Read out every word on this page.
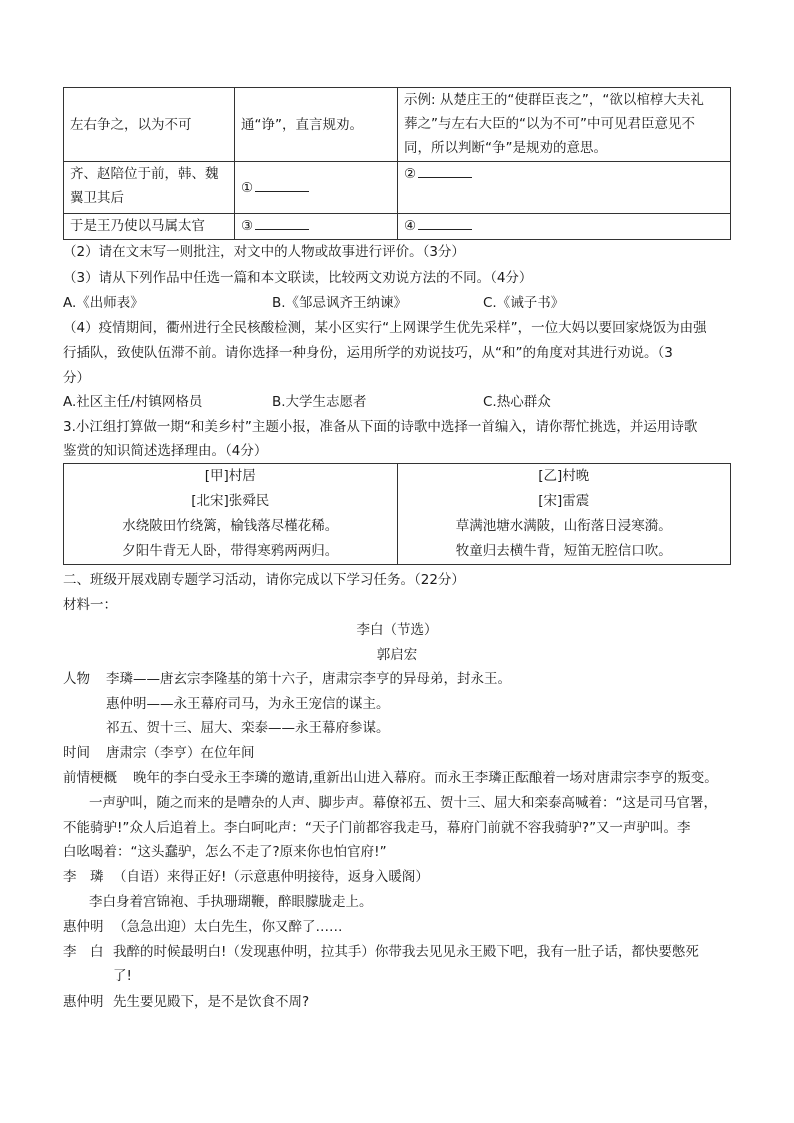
左右争之，以为不可	通“诤”，直言规劝。	示例: 从楚庄王的“使群臣丧之”，“欲以棺椁大夫礼
葬之”与左右大臣的“以为不可”中可见君臣意见不
同，所以判断“争”是规劝的意思。

齐、赵陪位于前，韩、魏
翼卫其后	①	②
于是王乃使以马属太官	③	④
（2）请在文末写一则批注，对文中的人物或故事进行评价。（3分）
（3）请从下列作品中任选一篇和本文联读，比较两文劝说方法的不同。（4分）
A.《出师表》	B.《邹忌讽齐王纳谏》	C.《诫子书》
（4）疫情期间，衢州进行全民核酸检测，某小区实行“上网课学生优先采样”，一位大妈以要回家烧饭为由强
行插队，致使队伍滞不前。请你选择一种身份，运用所学的劝说技巧，从“和”的角度对其进行劝说。（3
分）
A.社区主任/村镇网格员	B.大学生志愿者	C.热心群众
3.小江组打算做一期“和美乡村”主题小报，准备从下面的诗歌中选择一首编入，请你帮忙挑选，并运用诗歌
鉴赏的知识简述选择理由。（4分）
[甲]村居
[北宋]张舜民
水绕陂田竹绕篱，榆钱落尽槿花稀。
夕阳牛背无人卧，带得寒鸦两两归。

[乙]村晚
[宋]雷震
草满池塘水满陂，山衔落日浸寒漪。
牧童归去横牛背，短笛无腔信口吹。
二、班级开展戏剧专题学习活动，请你完成以下学习任务。（22分）
材料一：
李白（节选）
郭启宏
人物 李璘——唐玄宗李隆基的第十六子，唐肃宗李亨的异母弟，封永王。
惠仲明——永王幕府司马，为永王宠信的谋主。
祁五、贺十三、屈大、栾泰——永王幕府参谋。
时间 唐肃宗（李亨）在位年间
前情梗概 晚年的李白受永王李璘的邀请,重新出山进入幕府。而永王李璘正酝酿着一场对唐肃宗李亨的叛变。
一声驴叫，随之而来的是嘈杂的人声、脚步声。幕僚祁五、贺十三、屈大和栾泰高喊着：“这是司马官署，
不能骑驴!”众人后追着上。李白呵叱声：“天子门前都容我走马，幕府门前就不容我骑驴?”又一声驴叫。李
白吆喝着：“这头蠢驴，怎么不走了?原来你也怕官府!”
李　璘 （自语）来得正好!（示意惠仲明接待，返身入暖阁）
李白身着宫锦袍、手执珊瑚鞭，醉眼朦胧走上。
惠仲明 （急急出迎）太白先生，你又醉了……
李　白 我醉的时候最明白!（发现惠仲明，拉其手）你带我去见见永王殿下吧，我有一肚子话，都快要憋死
了!
惠仲明 先生要见殿下，是不是饮食不周?
